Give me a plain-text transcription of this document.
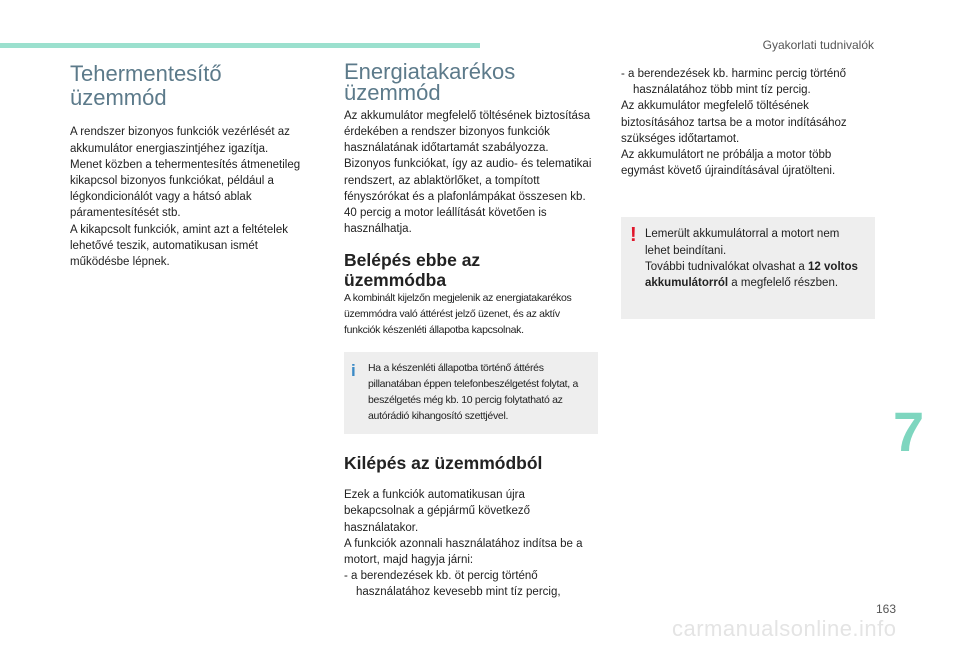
Gyakorlati tudnivalók
7
163
carmanualsonline.info
Tehermentesítő üzemmód

A rendszer bizonyos funkciók vezérlését az akkumulátor energiaszintjéhez igazítja.

Menet közben a tehermentesítés átmenetileg kikapcsol bizonyos funkciókat, például a légkondicionálót vagy a hátsó ablak páramentesítését stb.

A kikapcsolt funkciók, amint azt a feltételek lehetővé teszik, automatikusan ismét működésbe lépnek.

Energiatakarékos
üzemmód

Az akkumulátor megfelelő töltésének biztosítása érdekében a rendszer bizonyos funkciók használatának időtartamát szabályozza.

Bizonyos funkciókat, így az audio- és telematikai rendszert, az ablaktörlőket, a tompított fényszórókat és a plafonlámpákat összesen kb. 40 percig a motor leállítását követően is használhatja.

Belépés ebbe az
üzemmódba

A kombinált kijelzőn megjelenik az energiatakarékos üzemmódra való áttérést jelző üzenet, és az aktív funkciók készenléti állapotba kapcsolnak.

i Ha a készenléti állapotba történő áttérés pillanatában éppen telefonbeszélgetést folytat, a beszélgetés még kb. 10 percig folytatható az autórádió kihangosító szettjével.

Kilépés az üzemmódból

Ezek a funkciók automatikusan újra bekapcsolnak a gépjármű következő használatakor.

A funkciók azonnali használatához indítsa be a motort, majd hagyja járni:

- a berendezések kb. öt percig történő használatához kevesebb mint tíz percig,

- a berendezések kb. harminc percig történő használatához több mint tíz percig.

Az akkumulátor megfelelő töltésének biztosításához tartsa be a motor indításához szükséges időtartamot.

Az akkumulátort ne próbálja a motor több egymást követő újraindításával újratölteni.

! Lemerült akkumulátorral a motort nem lehet beindítani.

További tudnivalókat olvashat a 12 voltos akkumulátorról a megfelelő részben.
